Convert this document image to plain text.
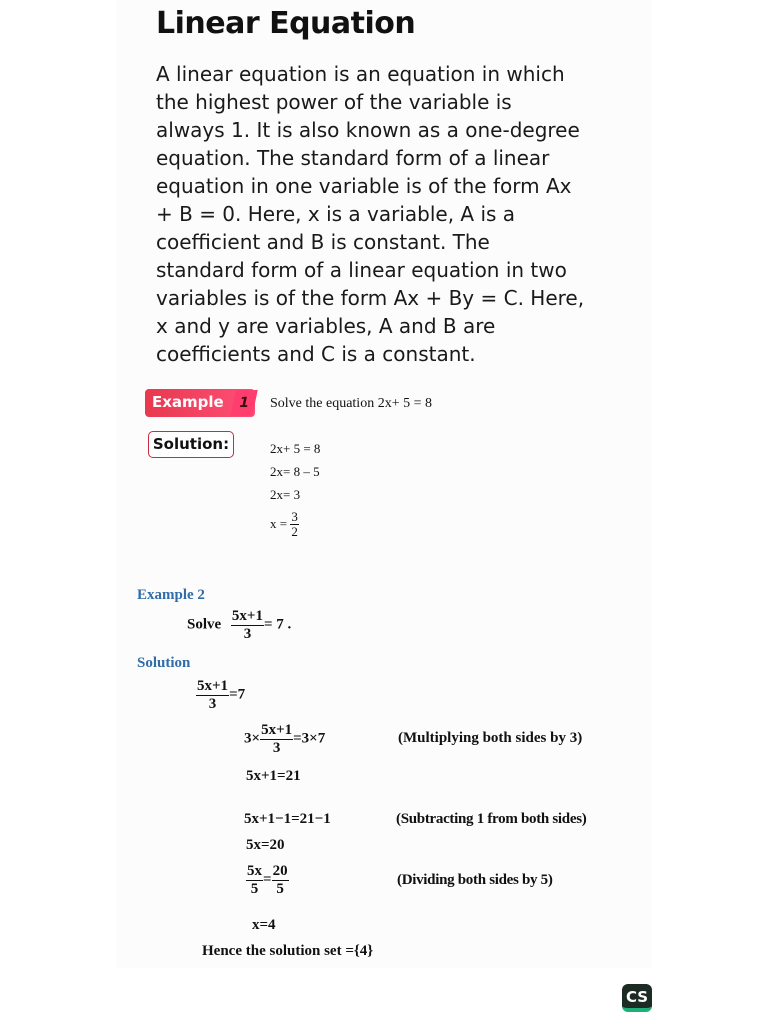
Linear Equation
A linear equation is an equation in which
the highest power of the variable is
always 1. It is also known as a one-degree
equation. The standard form of a linear
equation in one variable is of the form Ax
+ B = 0. Here, x is a variable, A is a
coefficient and B is constant. The
standard form of a linear equation in two
variables is of the form Ax + By = C. Here,
x and y are variables, A and B are
coefficients and C is a constant.
Example 1	Solve the equation 2x+ 5 = 8
Solution:	2x+ 5 = 8
2x= 8 – 5
2x= 3
$x = \frac{3}{2}$
Example 2
Solve $\frac{5x+1}{3} = 7$ .
Solution
$\frac{5x+1}{3} =7$
$3\times \frac{5x+1}{3} =3\times 7$	(Multiplying both sides by 3)
5x+1=21
5x+1−1=21−1	(Subtracting 1 from both sides)
5x=20
$\frac{5x}{5} = \frac{20}{5}$	(Dividing both sides by 5)
x=4
Hence the solution set ={4}
CS
